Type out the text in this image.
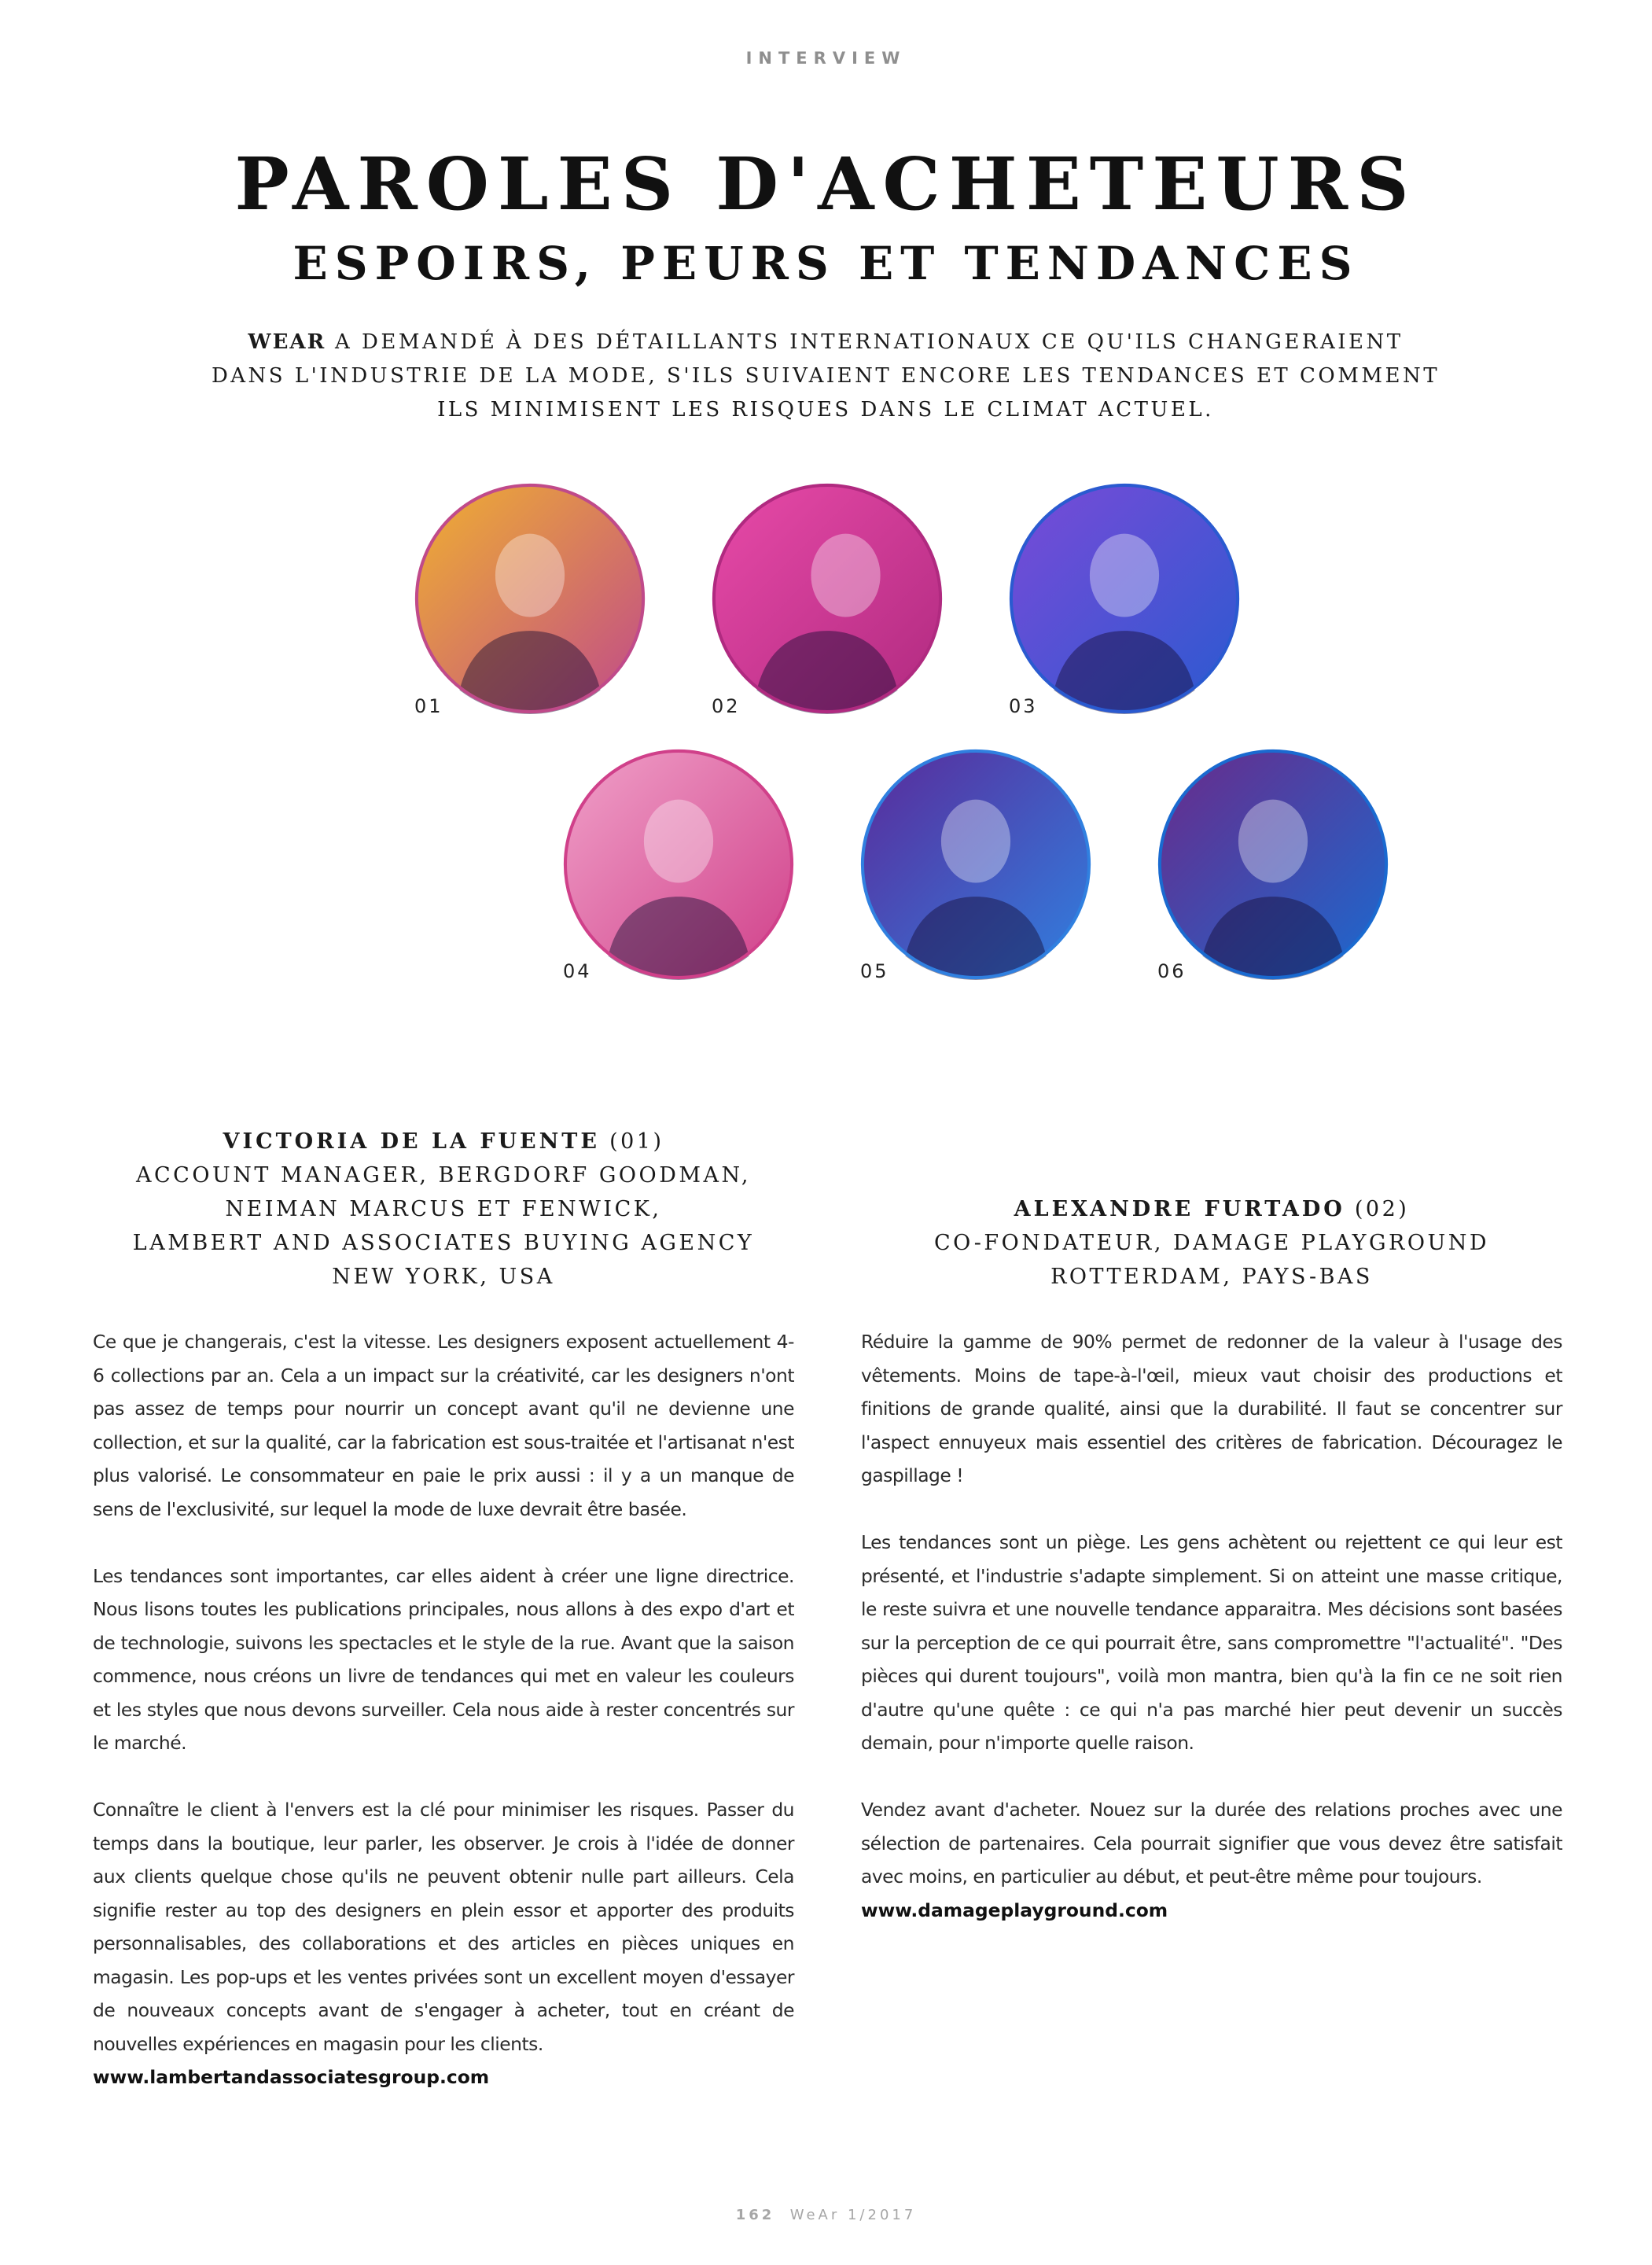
INTERVIEW
PAROLES D'ACHETEURS
ESPOIRS, PEURS ET TENDANCES
WEAR A DEMANDÉ À DES DÉTAILLANTS INTERNATIONAUX CE QU'ILS CHANGERAIENT
DANS L'INDUSTRIE DE LA MODE, S'ILS SUIVAIENT ENCORE LES TENDANCES ET COMMENT
ILS MINIMISENT LES RISQUES DANS LE CLIMAT ACTUEL.
01	02	03
04	05	06
VICTORIA DE LA FUENTE (01)
ACCOUNT MANAGER, BERGDORF GOODMAN,
NEIMAN MARCUS ET FENWICK,
LAMBERT AND ASSOCIATES BUYING AGENCY
NEW YORK, USA

Ce que je changerais, c'est la vitesse. Les designers exposent actuellement 4-6 collections par an. Cela a un impact sur la créativité, car les designers n'ont pas assez de temps pour nourrir un concept avant qu'il ne devienne une collection, et sur la qualité, car la fabrication est sous-traitée et l'artisanat n'est plus valorisé. Le consommateur en paie le prix aussi : il y a un manque de sens de l'exclusivité, sur lequel la mode de luxe devrait être basée.

Les tendances sont importantes, car elles aident à créer une ligne directrice. Nous lisons toutes les publications principales, nous allons à des expo d'art et de technologie, suivons les spectacles et le style de la rue. Avant que la saison commence, nous créons un livre de tendances qui met en valeur les couleurs et les styles que nous devons surveiller. Cela nous aide à rester concentrés sur le marché.

Connaître le client à l'envers est la clé pour minimiser les risques. Passer du temps dans la boutique, leur parler, les observer. Je crois à l'idée de donner aux clients quelque chose qu'ils ne peuvent obtenir nulle part ailleurs. Cela signifie rester au top des designers en plein essor et apporter des produits personnalisables, des collaborations et des articles en pièces uniques en magasin. Les pop-ups et les ventes privées sont un excellent moyen d'essayer de nouveaux concepts avant de s'engager à acheter, tout en créant de nouvelles expériences en magasin pour les clients.

www.lambertandassociatesgroup.com

ALEXANDRE FURTADO (02)
CO-FONDATEUR, DAMAGE PLAYGROUND
ROTTERDAM, PAYS-BAS

Réduire la gamme de 90% permet de redonner de la valeur à l'usage des vêtements. Moins de tape-à-l'œil, mieux vaut choisir des productions et finitions de grande qualité, ainsi que la durabilité. Il faut se concentrer sur l'aspect ennuyeux mais essentiel des critères de fabrication. Découragez le gaspillage !

Les tendances sont un piège. Les gens achètent ou rejettent ce qui leur est présenté, et l'industrie s'adapte simplement. Si on atteint une masse critique, le reste suivra et une nouvelle tendance apparaitra. Mes décisions sont basées sur la perception de ce qui pourrait être, sans compromettre "l'actualité". "Des pièces qui durent toujours", voilà mon mantra, bien qu'à la fin ce ne soit rien d'autre qu'une quête : ce qui n'a pas marché hier peut devenir un succès demain, pour n'importe quelle raison.

Vendez avant d'acheter. Nouez sur la durée des relations proches avec une sélection de partenaires. Cela pourrait signifier que vous devez être satisfait avec moins, en particulier au début, et peut-être même pour toujours.

www.damageplayground.com

162 WeAr 1/2017
